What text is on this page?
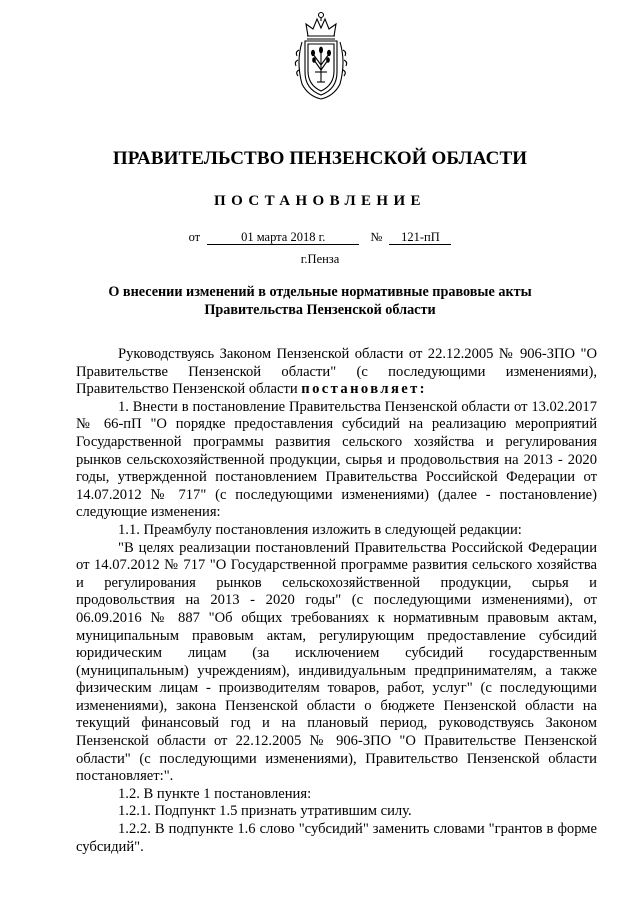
ПРАВИТЕЛЬСТВО ПЕНЗЕНСКОЙ ОБЛАСТИ
ПОСТАНОВЛЕНИЕ
от	01 марта 2018 г.	№ 121-пП
г.Пенза
О внесении изменений в отдельные нормативные правовые акты
Правительства Пензенской области

Руководствуясь Законом Пензенской области от 22.12.2005 № 906-ЗПО "О Правительстве Пензенской области" (с последующими изменениями), Правительство Пензенской области постановляет:

1. Внести в постановление Правительства Пензенской области от 13.02.2017 № 66-пП "О порядке предоставления субсидий на реализацию мероприятий Государственной программы развития сельского хозяйства и регулирования рынков сельскохозяйственной продукции, сырья и продовольствия на 2013 - 2020 годы, утвержденной постановлением Правительства Российской Федерации от 14.07.2012 № 717" (с последующими изменениями) (далее - постановление) следующие изменения:

1.1. Преамбулу постановления изложить в следующей редакции:

"В целях реализации постановлений Правительства Российской Федерации от 14.07.2012 № 717 "О Государственной программе развития сельского хозяйства и регулирования рынков сельскохозяйственной продукции, сырья и продовольствия на 2013 - 2020 годы" (с последующими изменениями), от 06.09.2016 № 887 "Об общих требованиях к нормативным правовым актам, муниципальным правовым актам, регулирующим предоставление субсидий юридическим лицам (за исключением субсидий государственным (муниципальным) учреждениям), индивидуальным предпринимателям, а также физическим лицам - производителям товаров, работ, услуг" (с последующими изменениями), закона Пензенской области о бюджете Пензенской области на текущий финансовый год и на плановый период, руководствуясь Законом Пензенской области от 22.12.2005 № 906-ЗПО "О Правительстве Пензенской области" (с последующими изменениями), Правительство Пензенской области постановляет:".

1.2. В пункте 1 постановления:

1.2.1. Подпункт 1.5 признать утратившим силу.

1.2.2. В подпункте 1.6 слово "субсидий" заменить словами "грантов в форме субсидий".
